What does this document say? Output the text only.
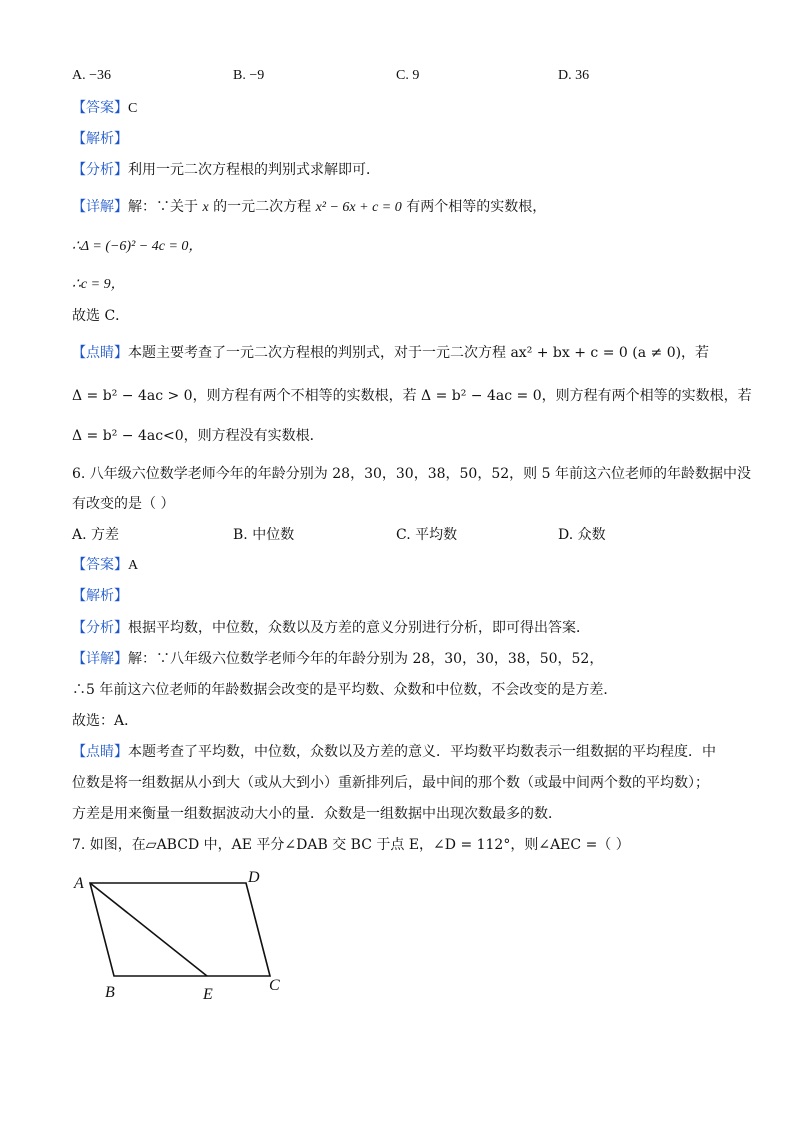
A. −36	B. −9	C. 9	D. 36
【答案】C
【解析】
【分析】利用一元二次方程根的判别式求解即可．
【详解】解：∵关于 x 的一元二次方程 x² − 6x + c = 0 有两个相等的实数根，
∴Δ = (−6)² − 4c = 0，
∴c = 9，
故选 C．
【点睛】本题主要考查了一元二次方程根的判别式，对于一元二次方程 ax² + bx + c = 0 (a ≠ 0)，若
Δ = b² − 4ac > 0，则方程有两个不相等的实数根，若 Δ = b² − 4ac = 0，则方程有两个相等的实数根，若
Δ = b² − 4ac<0，则方程没有实数根．
6. 八年级六位数学老师今年的年龄分别为 28，30，30，38，50，52，则 5 年前这六位老师的年龄数据中没
有改变的是（ ）
A. 方差	B. 中位数	C. 平均数	D. 众数
【答案】A
【解析】
【分析】根据平均数，中位数，众数以及方差的意义分别进行分析，即可得出答案．
【详解】解：∵八年级六位数学老师今年的年龄分别为 28，30，30，38，50，52，
∴5 年前这六位老师的年龄数据会改变的是平均数、众数和中位数，不会改变的是方差．
故选：A．
【点睛】本题考查了平均数，中位数，众数以及方差的意义．平均数平均数表示一组数据的平均程度．中
位数是将一组数据从小到大（或从大到小）重新排列后，最中间的那个数（或最中间两个数的平均数）；
方差是用来衡量一组数据波动大小的量．众数是一组数据中出现次数最多的数．
7. 如图，在▱ABCD 中，AE 平分∠DAB 交 BC 于点 E，∠D = 112°，则∠AEC =（ ）
A	D
B	E
C
